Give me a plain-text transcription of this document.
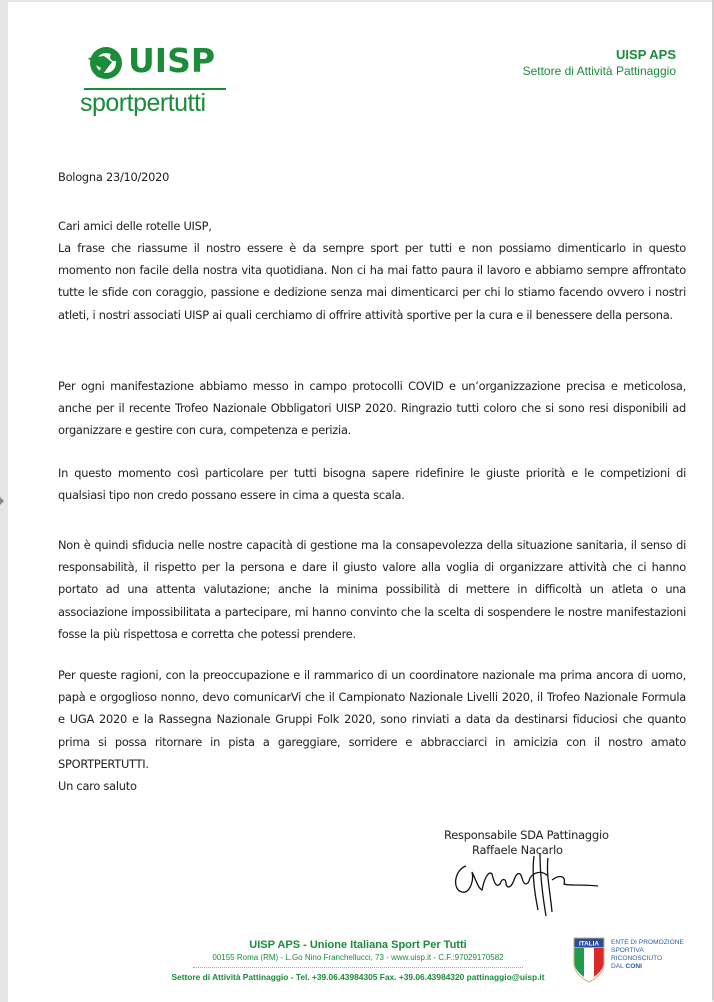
UISP
sportpertutti
UISP APS
Settore di Attività Pattinaggio

Bologna 23/10/2020

Cari amici delle rotelle UISP,

La frase che riassume il nostro essere è da sempre sport per tutti e non possiamo dimenticarlo in questo momento non facile della nostra vita quotidiana. Non ci ha mai fatto paura il lavoro e abbiamo sempre affrontato tutte le sfide con coraggio, passione e dedizione senza mai dimenticarci per chi lo stiamo facendo ovvero i nostri atleti, i nostri associati UISP ai quali cerchiamo di offrire attività sportive per la cura e il benessere della persona.

Per ogni manifestazione abbiamo messo in campo protocolli COVID e un’organizzazione precisa e meticolosa, anche per il recente Trofeo Nazionale Obbligatori UISP 2020. Ringrazio tutti coloro che si sono resi disponibili ad organizzare e gestire con cura, competenza e perizia.

In questo momento così particolare per tutti bisogna sapere ridefinire le giuste priorità e le competizioni di qualsiasi tipo non credo possano essere in cima a questa scala.

Non è quindi sfiducia nelle nostre capacità di gestione ma la consapevolezza della situazione sanitaria, il senso di responsabilità, il rispetto per la persona e dare il giusto valore alla voglia di organizzare attività che ci hanno portato ad una attenta valutazione; anche la minima possibilità di mettere in difficoltà un atleta o una associazione impossibilitata a partecipare, mi hanno convinto che la scelta di sospendere le nostre manifestazioni fosse la più rispettosa e corretta che potessi prendere.

Per queste ragioni, con la preoccupazione e il rammarico di un coordinatore nazionale ma prima ancora di uomo, papà e orgoglioso nonno, devo comunicarVi che il Campionato Nazionale Livelli 2020, il Trofeo Nazionale Formula e UGA 2020 e la Rassegna Nazionale Gruppi Folk 2020, sono rinviati a data da destinarsi fiduciosi che quanto prima si possa ritornare in pista a gareggiare, sorridere e abbracciarci in amicizia con il nostro amato SPORTPERTUTTI.

Un caro saluto

Responsabile SDA Pattinaggio
Raffaele Nacarlo
UISP APS - Unione Italiana Sport Per Tutti
00155 Roma (RM) - L.Go Nino Franchellucci, 73 - www.uisp.it - C.F.:97029170582
Settore di Attività Pattinaggio - Tel. +39.06.43984305 Fax. +39.06.43984320 pattinaggio@uisp.it
ITALIA ENTE DI PROMOZIONE
SPORTIVA
RICONOSCIUTO
DAL CONI
